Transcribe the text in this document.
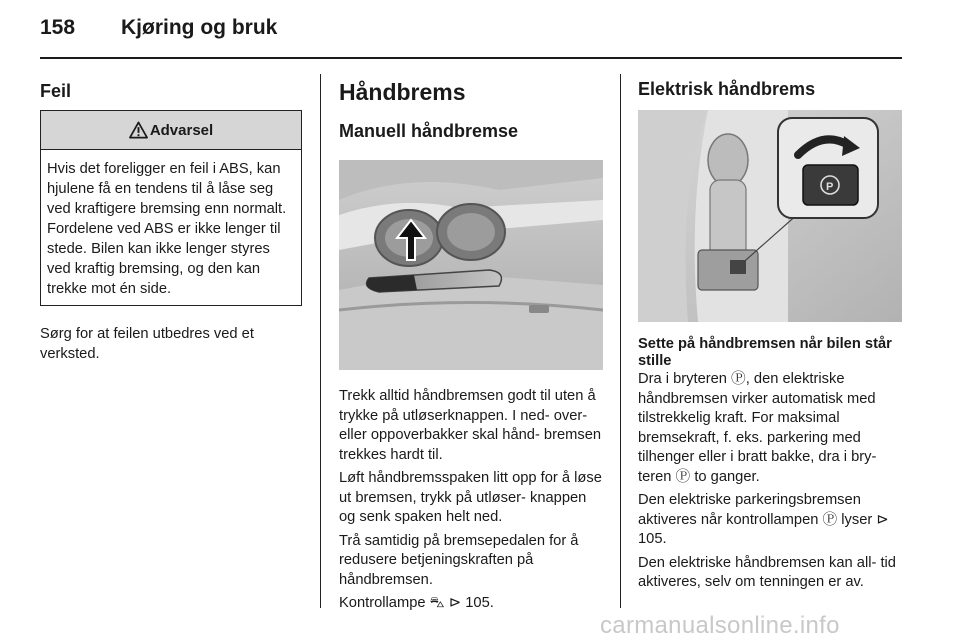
158 Kjøring og bruk
Feil
Advarsel
Hvis det foreligger en feil i ABS, kan hjulene få en tendens til å låse seg ved kraftigere bremsing enn normalt. Fordelene ved ABS er ikke lenger til stede. Bilen kan ikke lenger styres ved kraftig bremsing, og den kan trekke mot én side.

Sørg for at feilen utbedres ved et verksted.

Håndbrems
Manuell håndbremse

Trekk alltid håndbremsen godt til uten å trykke på utløserknappen. I ned- over- eller oppoverbakker skal hånd- bremsen trekkes hardt til.

Løft håndbremsspaken litt opp for å løse ut bremsen, trykk på utløser- knappen og senk spaken helt ned.

Trå samtidig på bremsepedalen for å redusere betjeningskraften på håndbremsen.

Kontrollampe ⛍ ⊳ 105.

Elektrisk håndbrems
P
Sette på håndbremsen når bilen står stille

Dra i bryteren Ⓟ, den elektriske håndbremsen virker automatisk med tilstrekkelig kraft. For maksimal bremsekraft, f. eks. parkering med tilhenger eller i bratt bakke, dra i bry- teren Ⓟ to ganger.

Den elektriske parkeringsbremsen aktiveres når kontrollampen Ⓟ lyser ⊳ 105.

Den elektriske håndbremsen kan all- tid aktiveres, selv om tenningen er av.

carmanualsonline.info
